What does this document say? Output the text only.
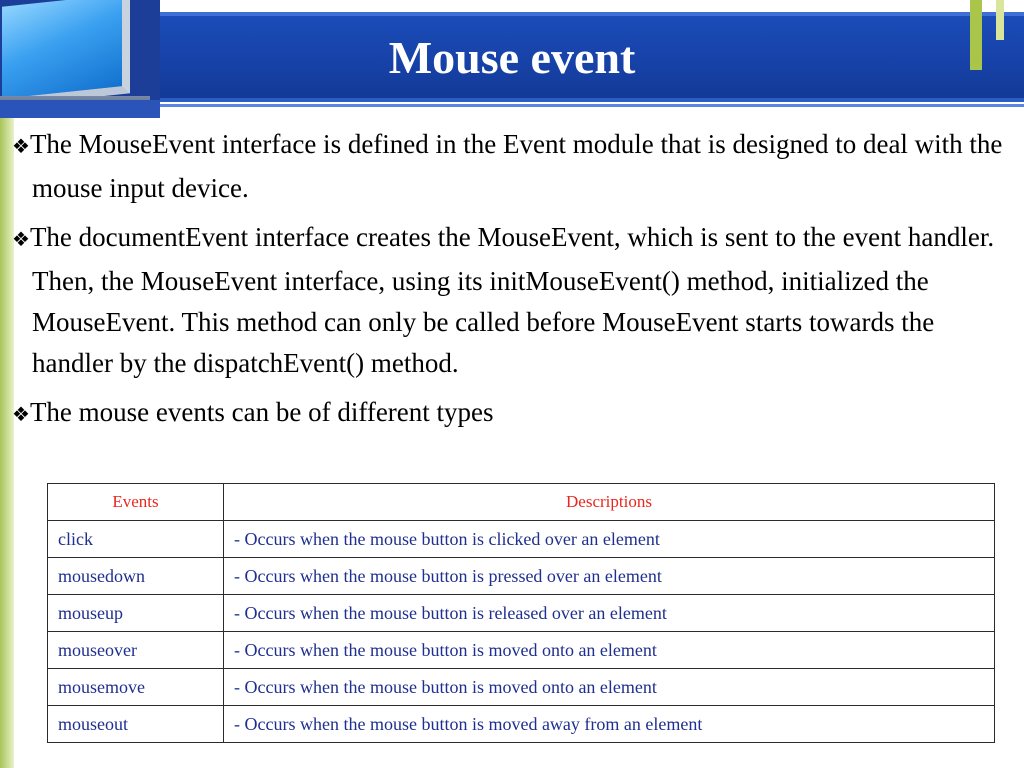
Mouse event
❖The MouseEvent interface is defined in the Event module that is designed to deal with the mouse input device.
❖The documentEvent interface creates the MouseEvent, which is sent to the event handler. Then, the MouseEvent interface, using its initMouseEvent() method, initialized the MouseEvent. This method can only be called before MouseEvent starts towards the handler by the dispatchEvent() method.
❖The mouse events can be of different types
Events	Descriptions
click	- Occurs when the mouse button is clicked over an element
mousedown	- Occurs when the mouse button is pressed over an element
mouseup	- Occurs when the mouse button is released over an element
mouseover	- Occurs when the mouse button is moved onto an element
mousemove	- Occurs when the mouse button is moved onto an element
mouseout	- Occurs when the mouse button is moved away from an element
